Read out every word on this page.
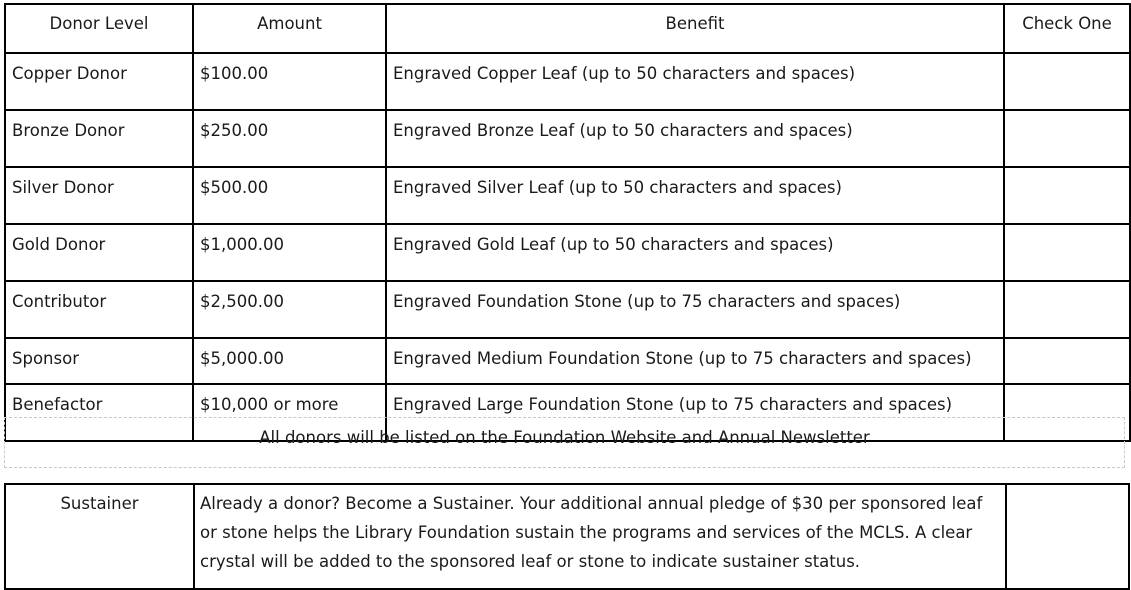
Donor Level	Amount	Benefit	Check One
Copper Donor	$100.00	Engraved Copper Leaf (up to 50 characters and spaces)	
Bronze Donor	$250.00	Engraved Bronze Leaf (up to 50 characters and spaces)	
Silver Donor	$500.00	Engraved Silver Leaf (up to 50 characters and spaces)	
Gold Donor	$1,000.00	Engraved Gold Leaf (up to 50 characters and spaces)	
Contributor	$2,500.00	Engraved Foundation Stone (up to 75 characters and spaces)	
Sponsor	$5,000.00	Engraved Medium Foundation Stone (up to 75 characters and spaces)	
Benefactor	$10,000 or more	Engraved Large Foundation Stone (up to 75 characters and spaces)	
All donors will be listed on the Foundation Website and Annual Newsletter
Sustainer	Already a donor? Become a Sustainer. Your additional annual pledge of $30 per sponsored leaf or stone helps the Library Foundation sustain the programs and services of the MCLS. A clear crystal will be added to the sponsored leaf or stone to indicate sustainer status.	
